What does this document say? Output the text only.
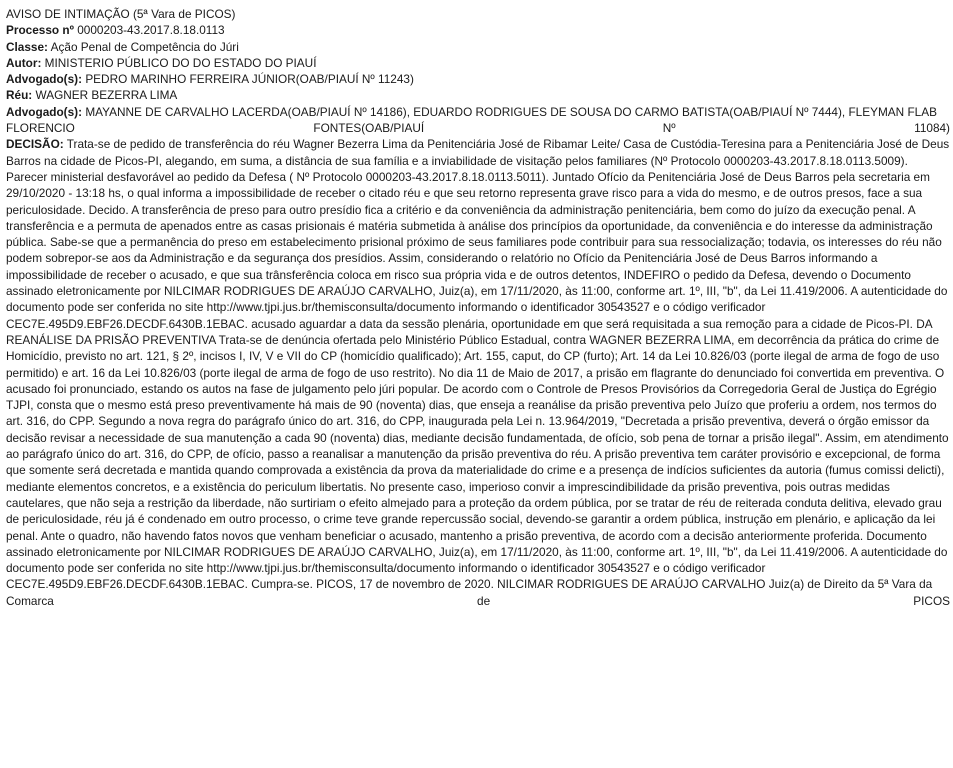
AVISO DE INTIMAÇÃO (5ª Vara de PICOS)
Processo nº 0000203-43.2017.8.18.0113
Classe: Ação Penal de Competência do Júri
Autor: MINISTERIO PÚBLICO DO DO ESTADO DO PIAUÍ
Advogado(s): PEDRO MARINHO FERREIRA JÚNIOR(OAB/PIAUÍ Nº 11243)
Réu: WAGNER BEZERRA LIMA
Advogado(s): MAYANNE DE CARVALHO LACERDA(OAB/PIAUÍ Nº 14186), EDUARDO RODRIGUES DE SOUSA DO CARMO BATISTA(OAB/PIAUÍ Nº 7444), FLEYMAN FLAB FLORENCIO FONTES(OAB/PIAUÍ Nº 11084)
DECISÃO: Trata-se de pedido de transferência do réu Wagner Bezerra Lima da Penitenciária José de Ribamar Leite/ Casa de Custódia-Teresina para a Penitenciária José de Deus Barros na cidade de Picos-PI, alegando, em suma, a distância de sua família e a inviabilidade de visitação pelos familiares (Nº Protocolo 0000203-43.2017.8.18.0113.5009). Parecer ministerial desfavorável ao pedido da Defesa ( Nº Protocolo 0000203-43.2017.8.18.0113.5011). Juntado Ofício da Penitenciária José de Deus Barros pela secretaria em 29/10/2020 - 13:18 hs, o qual informa a impossibilidade de receber o citado réu e que seu retorno representa grave risco para a vida do mesmo, e de outros presos, face a sua periculosidade. Decido. A transferência de preso para outro presídio fica a critério e da conveniência da administração penitenciária, bem como do juízo da execução penal. A transferência e a permuta de apenados entre as casas prisionais é matéria submetida à análise dos princípios da oportunidade, da conveniência e do interesse da administração pública. Sabe-se que a permanência do preso em estabelecimento prisional próximo de seus familiares pode contribuir para sua ressocialização; todavia, os interesses do réu não podem sobrepor-se aos da Administração e da segurança dos presídios. Assim, considerando o relatório no Ofício da Penitenciária José de Deus Barros informando a impossibilidade de receber o acusado, e que sua trânsferência coloca em risco sua própria vida e de outros detentos, INDEFIRO o pedido da Defesa, devendo o Documento assinado eletronicamente por NILCIMAR RODRIGUES DE ARAÚJO CARVALHO, Juiz(a), em 17/11/2020, às 11:00, conforme art. 1º, III, "b", da Lei 11.419/2006. A autenticidade do documento pode ser conferida no site http://www.tjpi.jus.br/themisconsulta/documento informando o identificador 30543527 e o código verificador CEC7E.495D9.EBF26.DECDF.6430B.1EBAC. acusado aguardar a data da sessão plenária, oportunidade em que será requisitada a sua remoção para a cidade de Picos-PI. DA REANÁLISE DA PRISÃO PREVENTIVA Trata-se de denúncia ofertada pelo Ministério Público Estadual, contra WAGNER BEZERRA LIMA, em decorrência da prática do crime de Homicídio, previsto no art. 121, § 2º, incisos I, IV, V e VII do CP (homicídio qualificado); Art. 155, caput, do CP (furto); Art. 14 da Lei 10.826/03 (porte ilegal de arma de fogo de uso permitido) e art. 16 da Lei 10.826/03 (porte ilegal de arma de fogo de uso restrito). No dia 11 de Maio de 2017, a prisão em flagrante do denunciado foi convertida em preventiva. O acusado foi pronunciado, estando os autos na fase de julgamento pelo júri popular. De acordo com o Controle de Presos Provisórios da Corregedoria Geral de Justiça do Egrégio TJPI, consta que o mesmo está preso preventivamente há mais de 90 (noventa) dias, que enseja a reanálise da prisão preventiva pelo Juízo que proferiu a ordem, nos termos do art. 316, do CPP. Segundo a nova regra do parágrafo único do art. 316, do CPP, inaugurada pela Lei n. 13.964/2019, "Decretada a prisão preventiva, deverá o órgão emissor da decisão revisar a necessidade de sua manutenção a cada 90 (noventa) dias, mediante decisão fundamentada, de ofício, sob pena de tornar a prisão ilegal". Assim, em atendimento ao parágrafo único do art. 316, do CPP, de ofício, passo a reanalisar a manutenção da prisão preventiva do réu. A prisão preventiva tem caráter provisório e excepcional, de forma que somente será decretada e mantida quando comprovada a existência da prova da materialidade do crime e a presença de indícios suficientes da autoria (fumus comissi delicti), mediante elementos concretos, e a existência do periculum libertatis. No presente caso, imperioso convir a imprescindibilidade da prisão preventiva, pois outras medidas cautelares, que não seja a restrição da liberdade, não surtiriam o efeito almejado para a proteção da ordem pública, por se tratar de réu de reiterada conduta delitiva, elevado grau de periculosidade, réu já é condenado em outro processo, o crime teve grande repercussão social, devendo-se garantir a ordem pública, instrução em plenário, e aplicação da lei penal. Ante o quadro, não havendo fatos novos que venham beneficiar o acusado, mantenho a prisão preventiva, de acordo com a decisão anteriormente proferida. Documento assinado eletronicamente por NILCIMAR RODRIGUES DE ARAÚJO CARVALHO, Juiz(a), em 17/11/2020, às 11:00, conforme art. 1º, III, "b", da Lei 11.419/2006. A autenticidade do documento pode ser conferida no site http://www.tjpi.jus.br/themisconsulta/documento informando o identificador 30543527 e o código verificador CEC7E.495D9.EBF26.DECDF.6430B.1EBAC. Cumpra-se. PICOS, 17 de novembro de 2020. NILCIMAR RODRIGUES DE ARAÚJO CARVALHO Juiz(a) de Direito da 5ª Vara da Comarca de PICOS
